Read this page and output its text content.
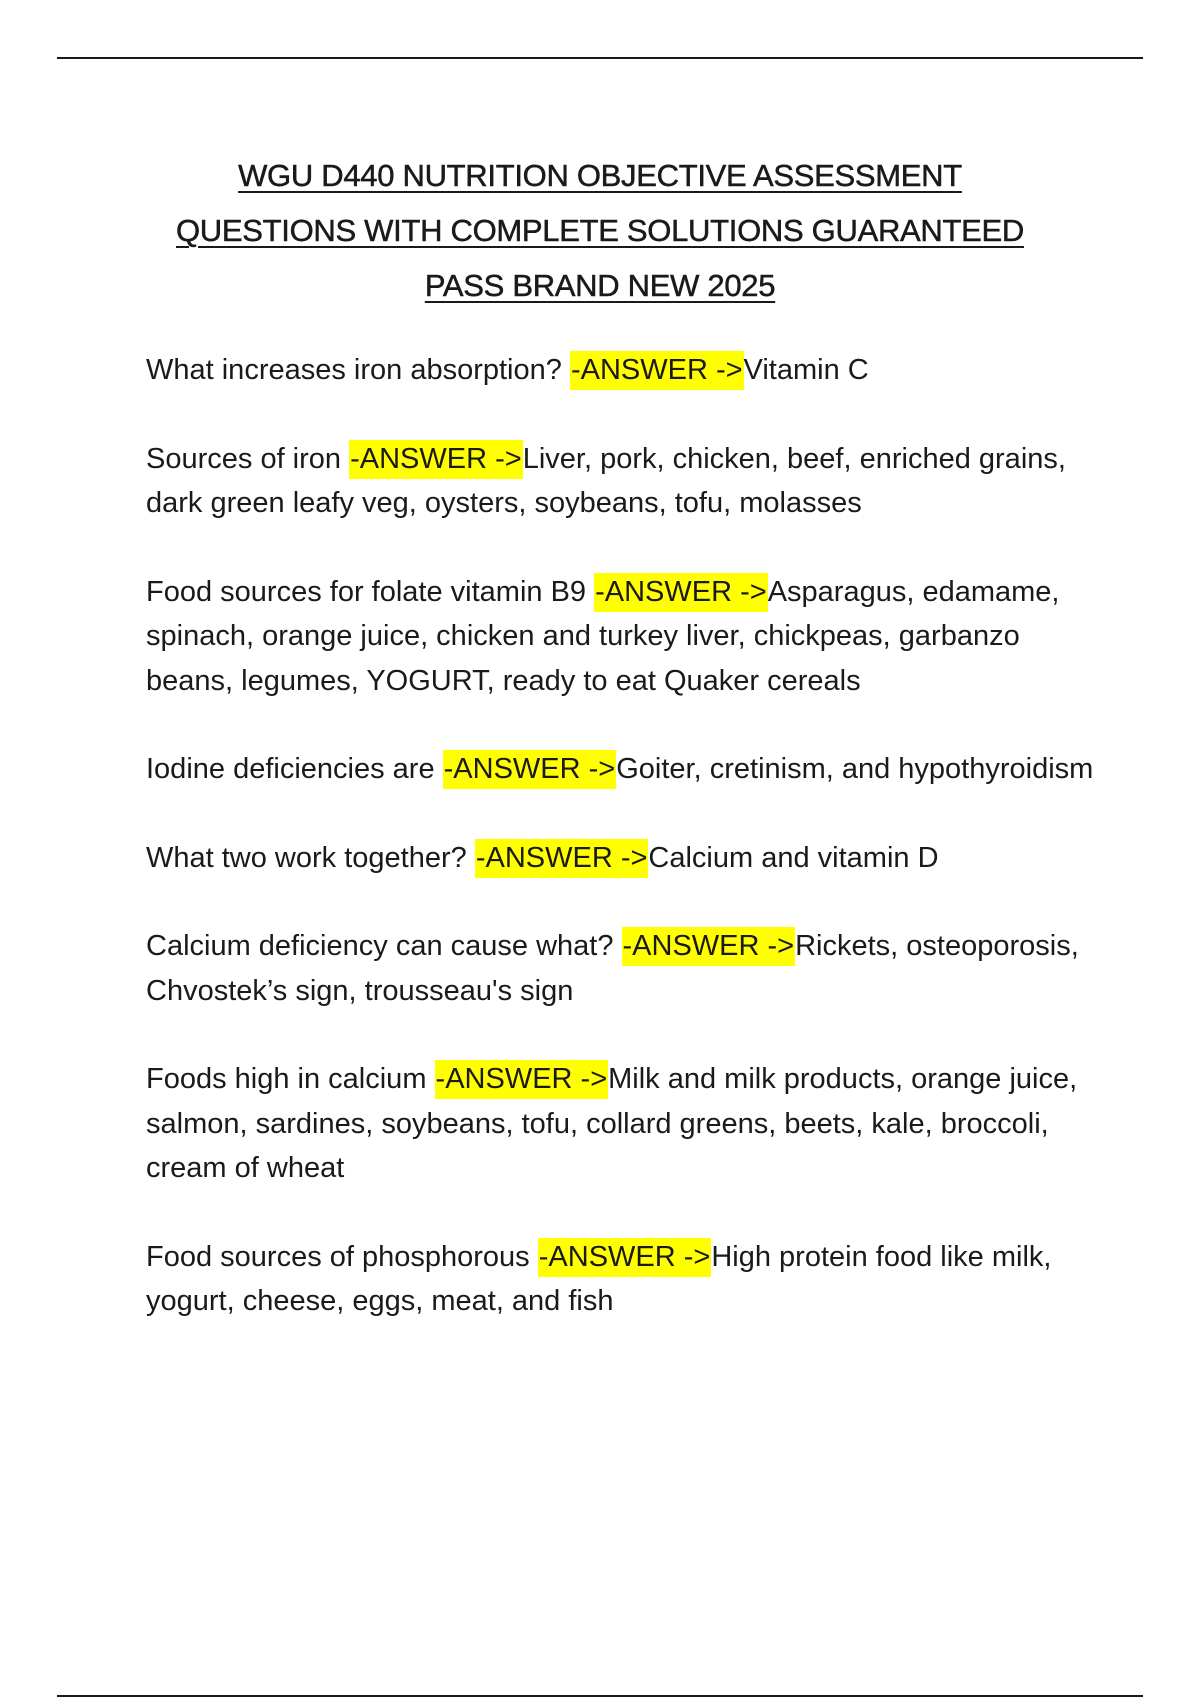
WGU D440 NUTRITION OBJECTIVE ASSESSMENT
QUESTIONS WITH COMPLETE SOLUTIONS GUARANTEED
PASS BRAND NEW 2025

What increases iron absorption? -ANSWER ->Vitamin C

Sources of iron -ANSWER ->Liver, pork, chicken, beef, enriched grains, dark green leafy veg, oysters, soybeans, tofu, molasses

Food sources for folate vitamin B9 -ANSWER ->Asparagus, edamame, spinach, orange juice, chicken and turkey liver, chickpeas, garbanzo beans, legumes, YOGURT, ready to eat Quaker cereals

Iodine deficiencies are -ANSWER ->Goiter, cretinism, and hypothyroidism

What two work together? -ANSWER ->Calcium and vitamin D

Calcium deficiency can cause what? -ANSWER ->Rickets, osteoporosis, Chvostek’s sign, trousseau's sign

Foods high in calcium -ANSWER ->Milk and milk products, orange juice, salmon, sardines, soybeans, tofu, collard greens, beets, kale, broccoli, cream of wheat

Food sources of phosphorous -ANSWER ->High protein food like milk, yogurt, cheese, eggs, meat, and fish
